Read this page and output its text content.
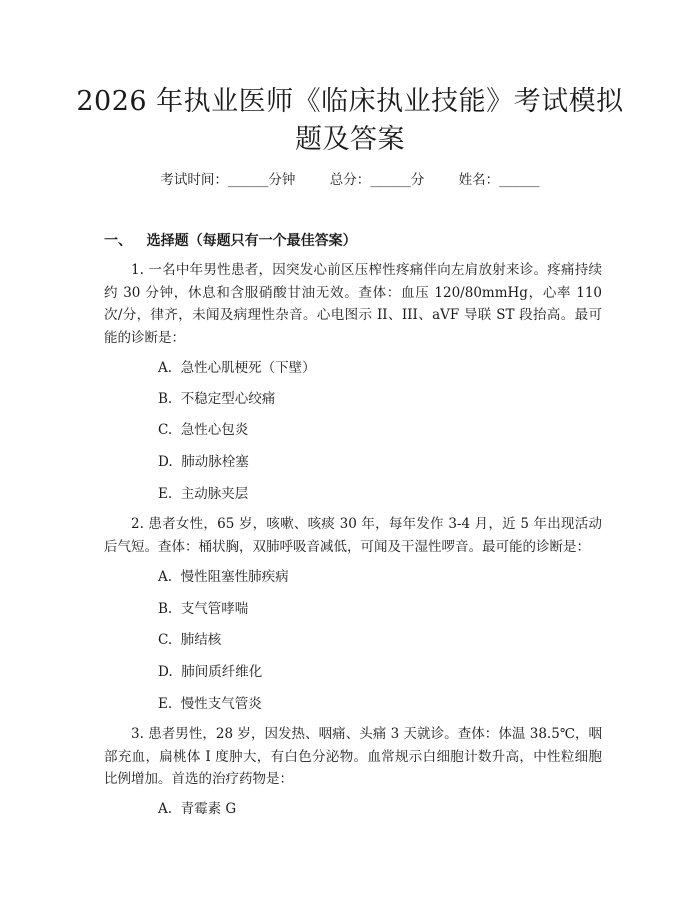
2026 年执业医师《临床执业技能》考试模拟
题及答案
考试时间：______分钟        总分：______分        姓名：______
一、   选择题（每题只有一个最佳答案）
1. 一名中年男性患者，因突发心前区压榨性疼痛伴向左肩放射来诊。疼痛持续约 30 分钟，休息和含服硝酸甘油无效。查体：血压 120/80mmHg，心率 110 次/分，律齐，未闻及病理性杂音。心电图示 II、III、aVF 导联 ST 段抬高。最可能的诊断是：
A.  急性心肌梗死（下壁）
B.  不稳定型心绞痛
C.  急性心包炎
D.  肺动脉栓塞
E.  主动脉夹层
2. 患者女性，65 岁，咳嗽、咳痰 30 年，每年发作 3-4 月，近 5 年出现活动后气短。查体：桶状胸，双肺呼吸音减低，可闻及干湿性啰音。最可能的诊断是：
A.  慢性阻塞性肺疾病
B.  支气管哮喘
C.  肺结核
D.  肺间质纤维化
E.  慢性支气管炎
3. 患者男性，28 岁，因发热、咽痛、头痛 3 天就诊。查体：体温 38.5℃，咽部充血，扁桃体 I 度肿大，有白色分泌物。血常规示白细胞计数升高，中性粒细胞比例增加。首选的治疗药物是：
A.  青霉素 G
